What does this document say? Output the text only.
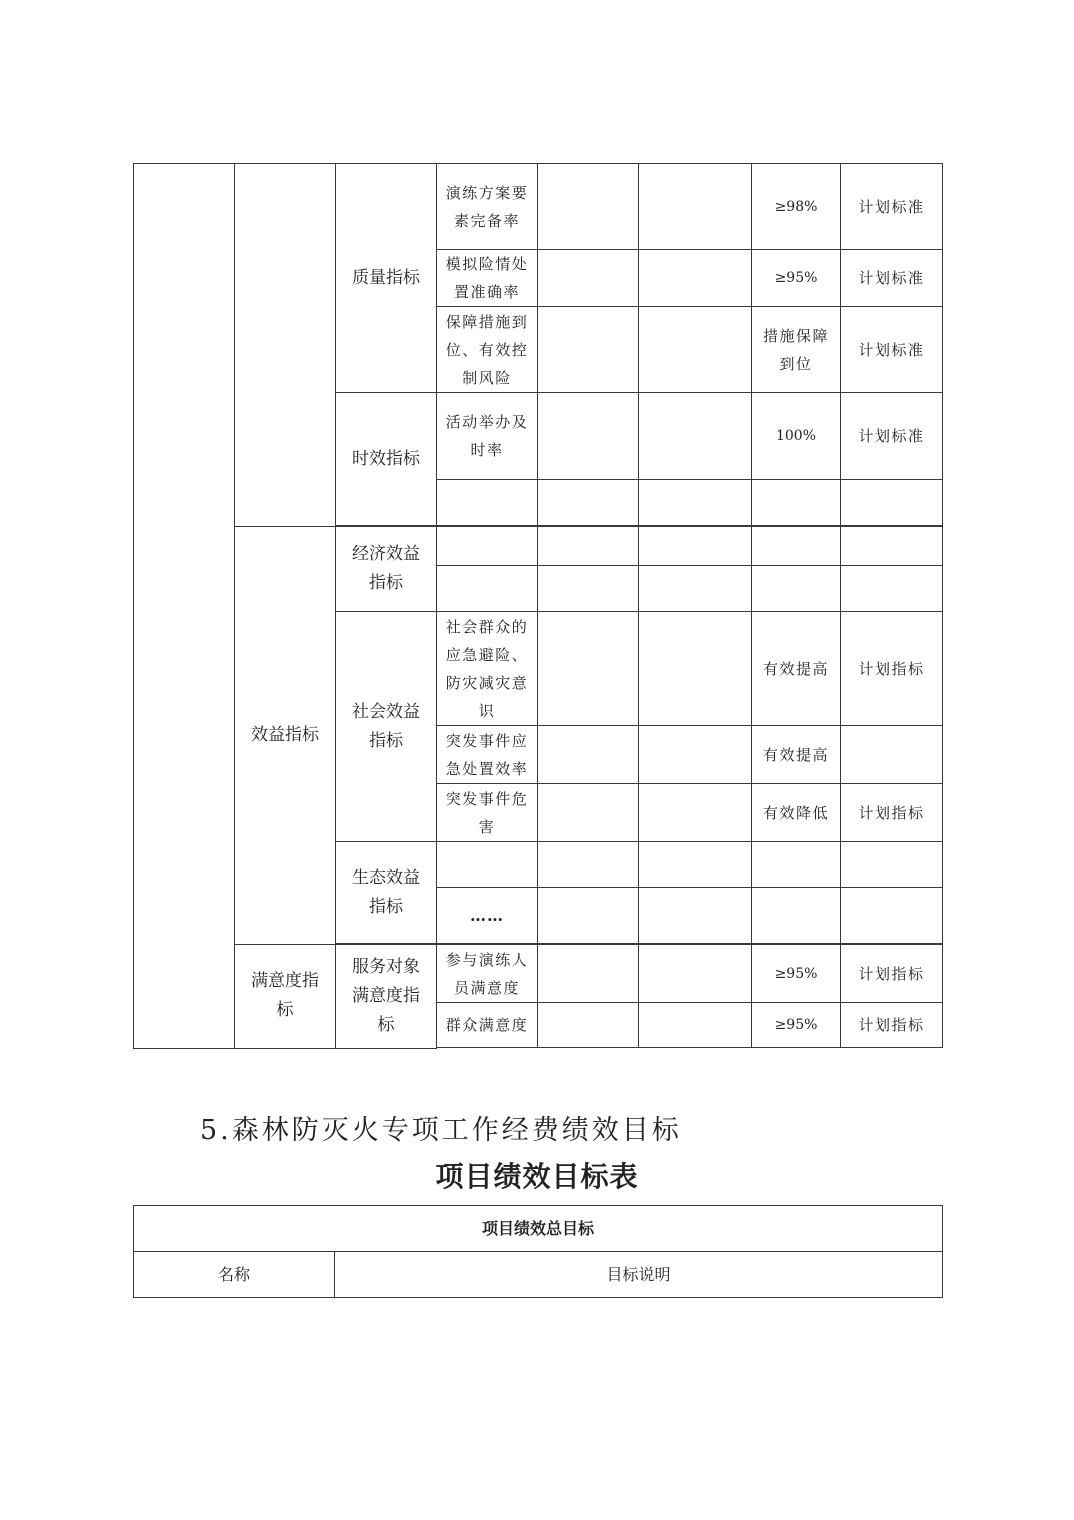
		质量指标	演练方案要素完备率			≥98%	计划标准
			模拟险情处置准确率			≥95%	计划标准
			保障措施到位、有效控制风险			措施保障到位	计划标准
		时效指标	活动举办及时率			100%	计划标准

	效益指标	经济效益指标					

		社会效益指标	社会群众的应急避险、防灾减灾意识			有效提高	计划指标
			突发事件应急处置效率			有效提高	
			突发事件危害			有效降低	计划指标
		生态效益指标					
			……				

	满意度指标	服务对象满意度指标	参与演练人员满意度			≥95%	计划指标
			群众满意度			≥95%	计划指标

5.森林防灭火专项工作经费绩效目标
项目绩效目标表
项目绩效总目标
名称	目标说明
